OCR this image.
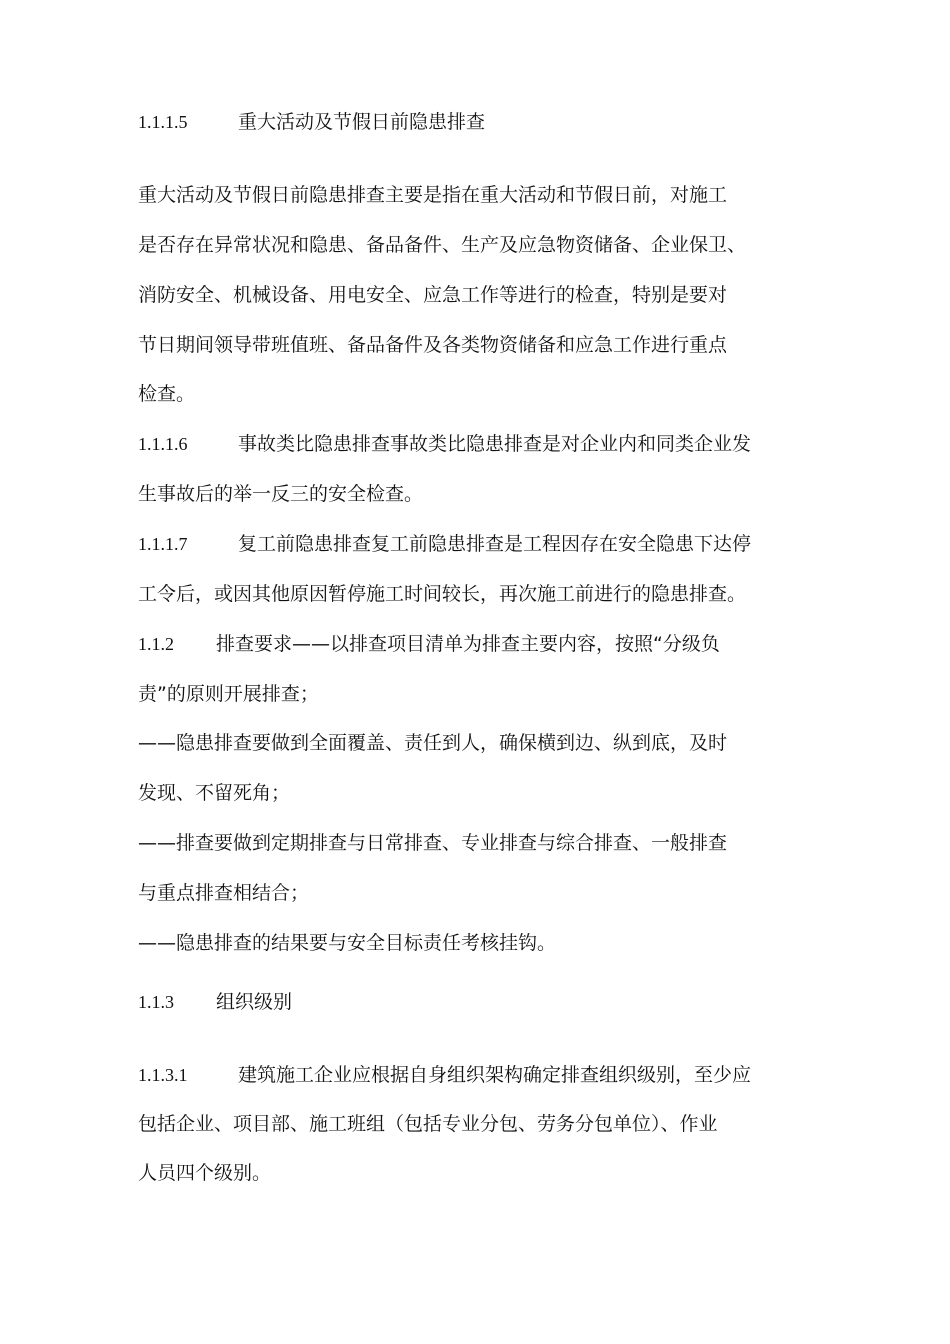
1.1.1.5	重大活动及节假日前隐患排查
重大活动及节假日前隐患排查主要是指在重大活动和节假日前，对施工
是否存在异常状况和隐患、备品备件、生产及应急物资储备、企业保卫、
消防安全、机械设备、用电安全、应急工作等进行的检查，特别是要对
节日期间领导带班值班、备品备件及各类物资储备和应急工作进行重点
检查。
1.1.1.6	事故类比隐患排查事故类比隐患排查是对企业内和同类企业发
生事故后的举一反三的安全检查。
1.1.1.7	复工前隐患排查复工前隐患排查是工程因存在安全隐患下达停
工令后，或因其他原因暂停施工时间较长，再次施工前进行的隐患排查。
1.1.2 排查要求——以排查项目清单为排查主要内容，按照“分级负
责”的原则开展排查；
——隐患排查要做到全面覆盖、责任到人，确保横到边、纵到底，及时
发现、不留死角；
——排查要做到定期排查与日常排查、专业排查与综合排查、一般排查
与重点排查相结合；
——隐患排查的结果要与安全目标责任考核挂钩。
1.1.3 组织级别
1.1.3.1	建筑施工企业应根据自身组织架构确定排查组织级别，至少应
包括企业、项目部、施工班组（包括专业分包、劳务分包单位）、作业
人员四个级别。
